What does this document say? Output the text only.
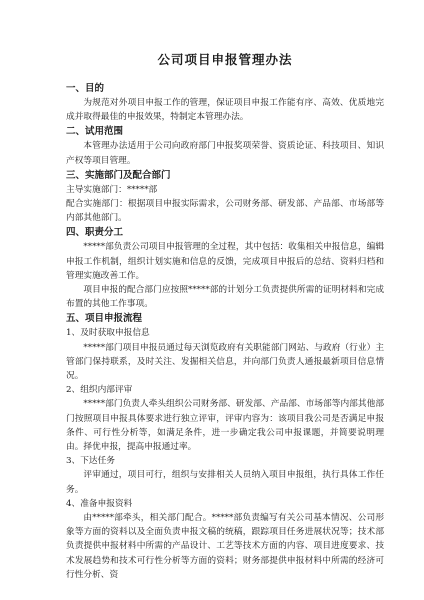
公司项目申报管理办法
一、目的

为规范对外项目申报工作的管理，保证项目申报工作能有序、高效、优质地完成并取得最佳的申报效果，特制定本管理办法。

二、试用范围

本管理办法适用于公司向政府部门申报奖项荣誉、资质论证、科技项目、知识产权等项目管理。

三、实施部门及配合部门

主导实施部门：*****部

配合实施部门：根据项目申报实际需求，公司财务部、研发部、产品部、市场部等内部其他部门。

四、职责分工

*****部负责公司项目申报管理的全过程，其中包括：收集相关申报信息，编辑申报工作机制，组织计划实施和信息的反馈，完成项目申报后的总结、资料归档和管理实施改善工作。

项目申报的配合部门应按照*****部的计划分工负责提供所需的证明材料和完成布置的其他工作事项。

五、项目申报流程

1、及时获取申报信息

*****部门项目申报员通过每天浏览政府有关职能部门网站、与政府（行业）主管部门保持联系，及时关注、发掘相关信息，并向部门负责人通报最新项目信息情况。

2、组织内部评审

*****部门负责人牵头组织公司财务部、研发部、产品部、市场部等内部其他部门按照项目申报具体要求进行独立评审，评审内容为：该项目我公司是否满足申报条件、可行性分析等，如满足条件，进一步确定我公司申报课题，并简要说明理由。择优申报，提高申报通过率。

3、下达任务

评审通过，项目可行，组织与安排相关人员纳入项目申报组，执行具体工作任务。

4、准备申报资料

由*****部牵头，相关部门配合。*****部负责编写有关公司基本情况、公司形象等方面的资料以及全面负责申报文稿的统稿，跟踪项目任务进展状况等；技术部负责提供申报材料中所需的产品设计、工艺等技术方面的内容、项目进度要求、技术发展趋势和技术可行性分析等方面的资料；财务部提供申报材料中所需的经济可行性分析、资
